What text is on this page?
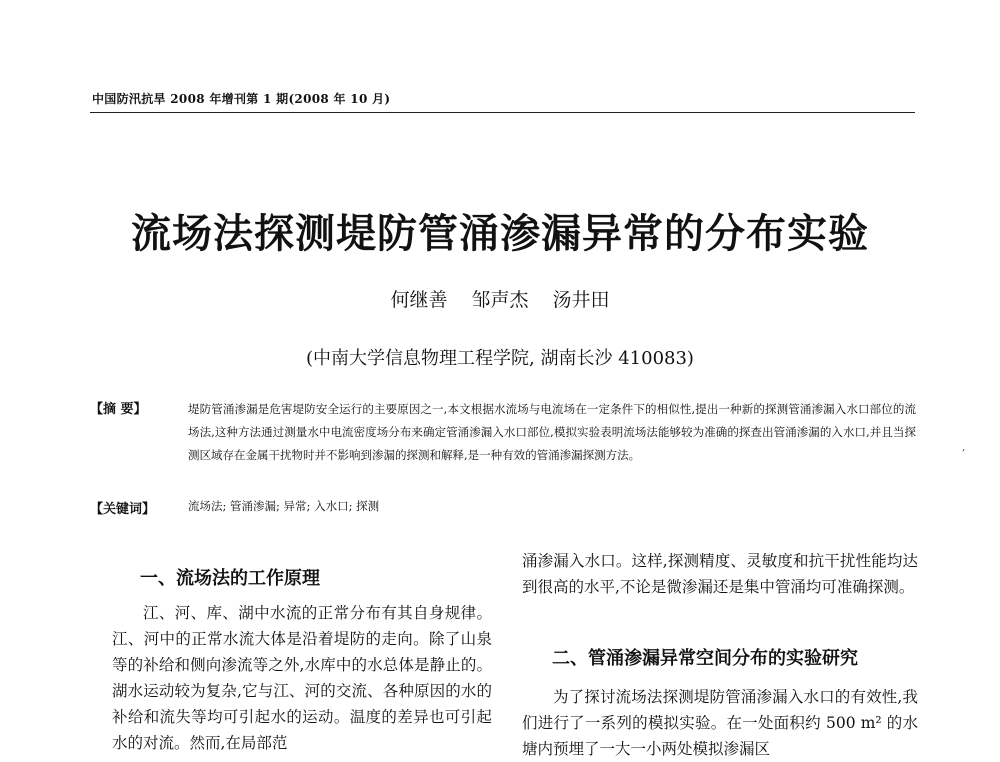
中国防汛抗旱 2008 年增刊第 1 期(2008 年 10 月)
流场法探测堤防管涌渗漏异常的分布实验
何继善 邹声杰 汤井田
(中南大学信息物理工程学院, 湖南长沙 410083)
【摘 要】	堤防管涌渗漏是危害堤防安全运行的主要原因之一,本文根据水流场与电流场在一定条件下的相似性,提出一种新的探测管涌渗漏入水口部位的流场法,这种方法通过测量水中电流密度场分布来确定管涌渗漏入水口部位,模拟实验表明流场法能够较为准确的探查出管涌渗漏的入水口,并且当探测区域存在金属干扰物时并不影响到渗漏的探测和解释,是一种有效的管涌渗漏探测方法。
【关键词】	流场法; 管涌渗漏; 异常; 入水口; 探测
,
一、流场法的工作原理

江、河、库、湖中水流的正常分布有其自身规律。江、河中的正常水流大体是沿着堤防的走向。除了山泉等的补给和侧向渗流等之外,水库中的水总体是静止的。湖水运动较为复杂,它与江、河的交流、各种原因的水的补给和流失等均可引起水的运动。温度的差异也可引起水的对流。然而,在局部范

涌渗漏入水口。这样,探测精度、灵敏度和抗干扰性能均达到很高的水平,不论是微渗漏还是集中管涌均可准确探测。

二、管涌渗漏异常空间分布的实验研究

为了探讨流场法探测堤防管涌渗漏入水口的有效性,我们进行了一系列的模拟实验。在一处面积约 500 m² 的水塘内预埋了一大一小两处模拟渗漏区
